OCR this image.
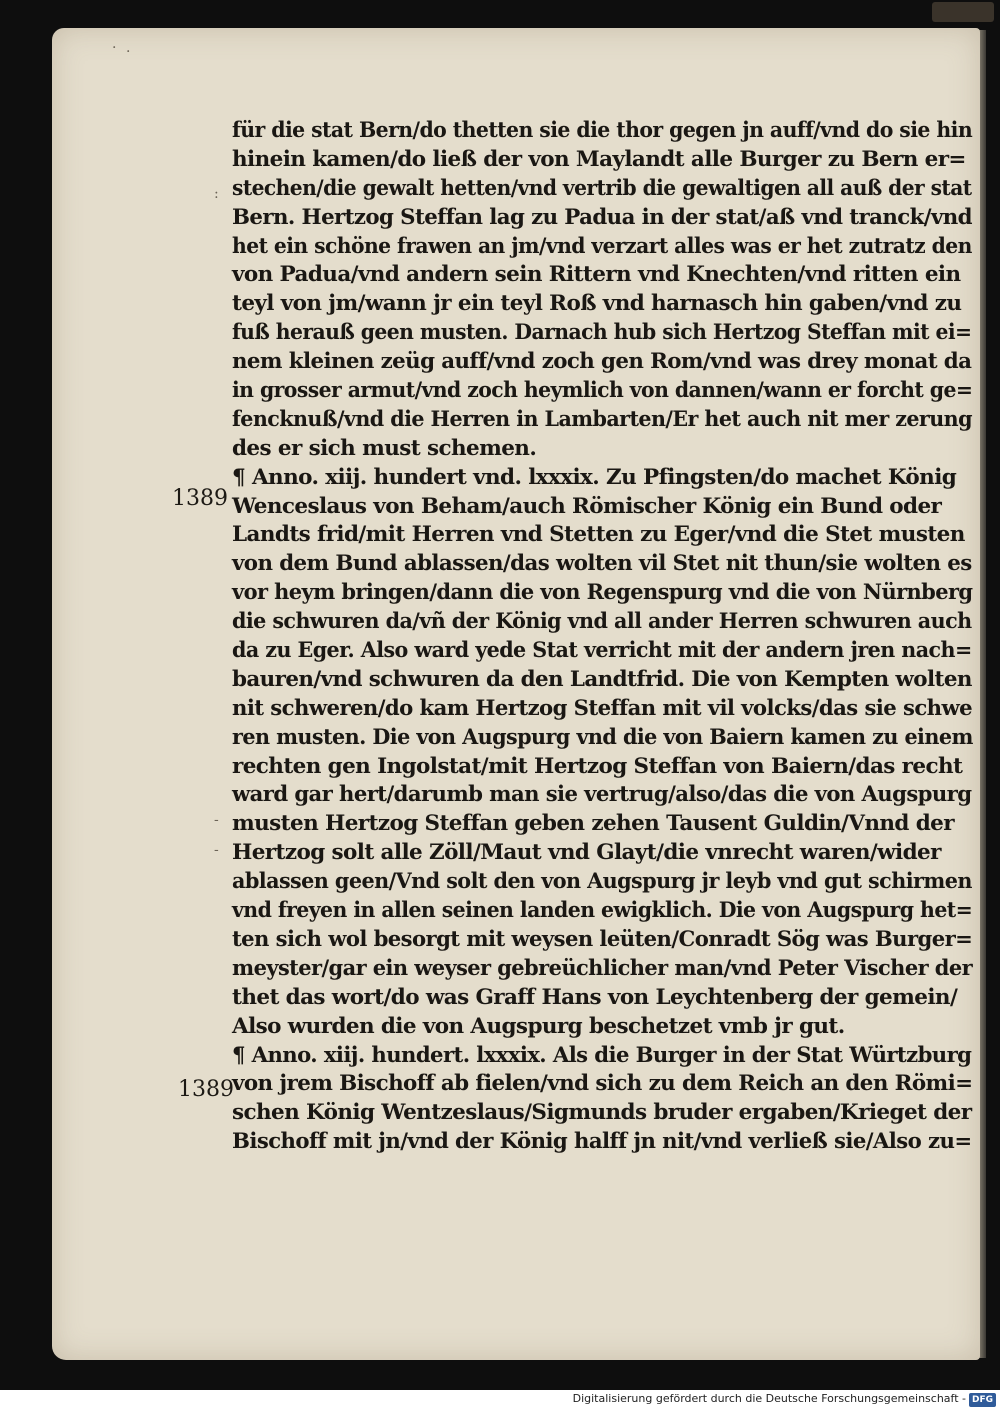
· ·
:
-
-
1389
1389
für die stat Bern/do thetten sie die thor gegen jn auff/vnd do sie hin
hinein kamen/do ließ der von Maylandt alle Burger zu Bern er=
stechen/die gewalt hetten/vnd vertrib die gewaltigen all auß der stat
Bern. Hertzog Steffan lag zu Padua in der stat/aß vnd tranck/vnd
het ein schöne frawen an jm/vnd verzart alles was er het zutratz den
von Padua/vnd andern sein Rittern vnd Knechten/vnd ritten ein
teyl von jm/wann jr ein teyl Roß vnd harnasch hin gaben/vnd zu
fuß herauß geen musten. Darnach hub sich Hertzog Steffan mit ei=
nem kleinen zeüg auff/vnd zoch gen Rom/vnd was drey monat da
in grosser armut/vnd zoch heymlich von dannen/wann er forcht ge=
fencknuß/vnd die Herren in Lambarten/Er het auch nit mer zerung
des er sich must schemen.
¶ Anno. xiij. hundert vnd. lxxxix. Zu Pfingsten/do machet König
Wenceslaus von Beham/auch Römischer König ein Bund oder
Landts frid/mit Herren vnd Stetten zu Eger/vnd die Stet musten
von dem Bund ablassen/das wolten vil Stet nit thun/sie wolten es
vor heym bringen/dann die von Regenspurg vnd die von Nürnberg
die schwuren da/vñ der König vnd all ander Herren schwuren auch
da zu Eger. Also ward yede Stat verricht mit der andern jren nach=
bauren/vnd schwuren da den Landtfrid. Die von Kempten wolten
nit schweren/do kam Hertzog Steffan mit vil volcks/das sie schwe
ren musten. Die von Augspurg vnd die von Baiern kamen zu einem
rechten gen Ingolstat/mit Hertzog Steffan von Baiern/das recht
ward gar hert/darumb man sie vertrug/also/das die von Augspurg
musten Hertzog Steffan geben zehen Tausent Guldin/Vnnd der
Hertzog solt alle Zöll/Maut vnd Glayt/die vnrecht waren/wider
ablassen geen/Vnd solt den von Augspurg jr leyb vnd gut schirmen
vnd freyen in allen seinen landen ewigklich. Die von Augspurg het=
ten sich wol besorgt mit weysen leüten/Conradt Sög was Burger=
meyster/gar ein weyser gebreüchlicher man/vnd Peter Vischer der
thet das wort/do was Graff Hans von Leychtenberg der gemein/
Also wurden die von Augspurg beschetzet vmb jr gut.
¶ Anno. xiij. hundert. lxxxix. Als die Burger in der Stat Würtzburg
von jrem Bischoff ab fielen/vnd sich zu dem Reich an den Römi=
schen König Wentzeslaus/Sigmunds bruder ergaben/Krieget der
Bischoff mit jn/vnd der König halff jn nit/vnd verließ sie/Also zu=
Digitalisierung gefördert durch die Deutsche Forschungsgemeinschaft - DFG
